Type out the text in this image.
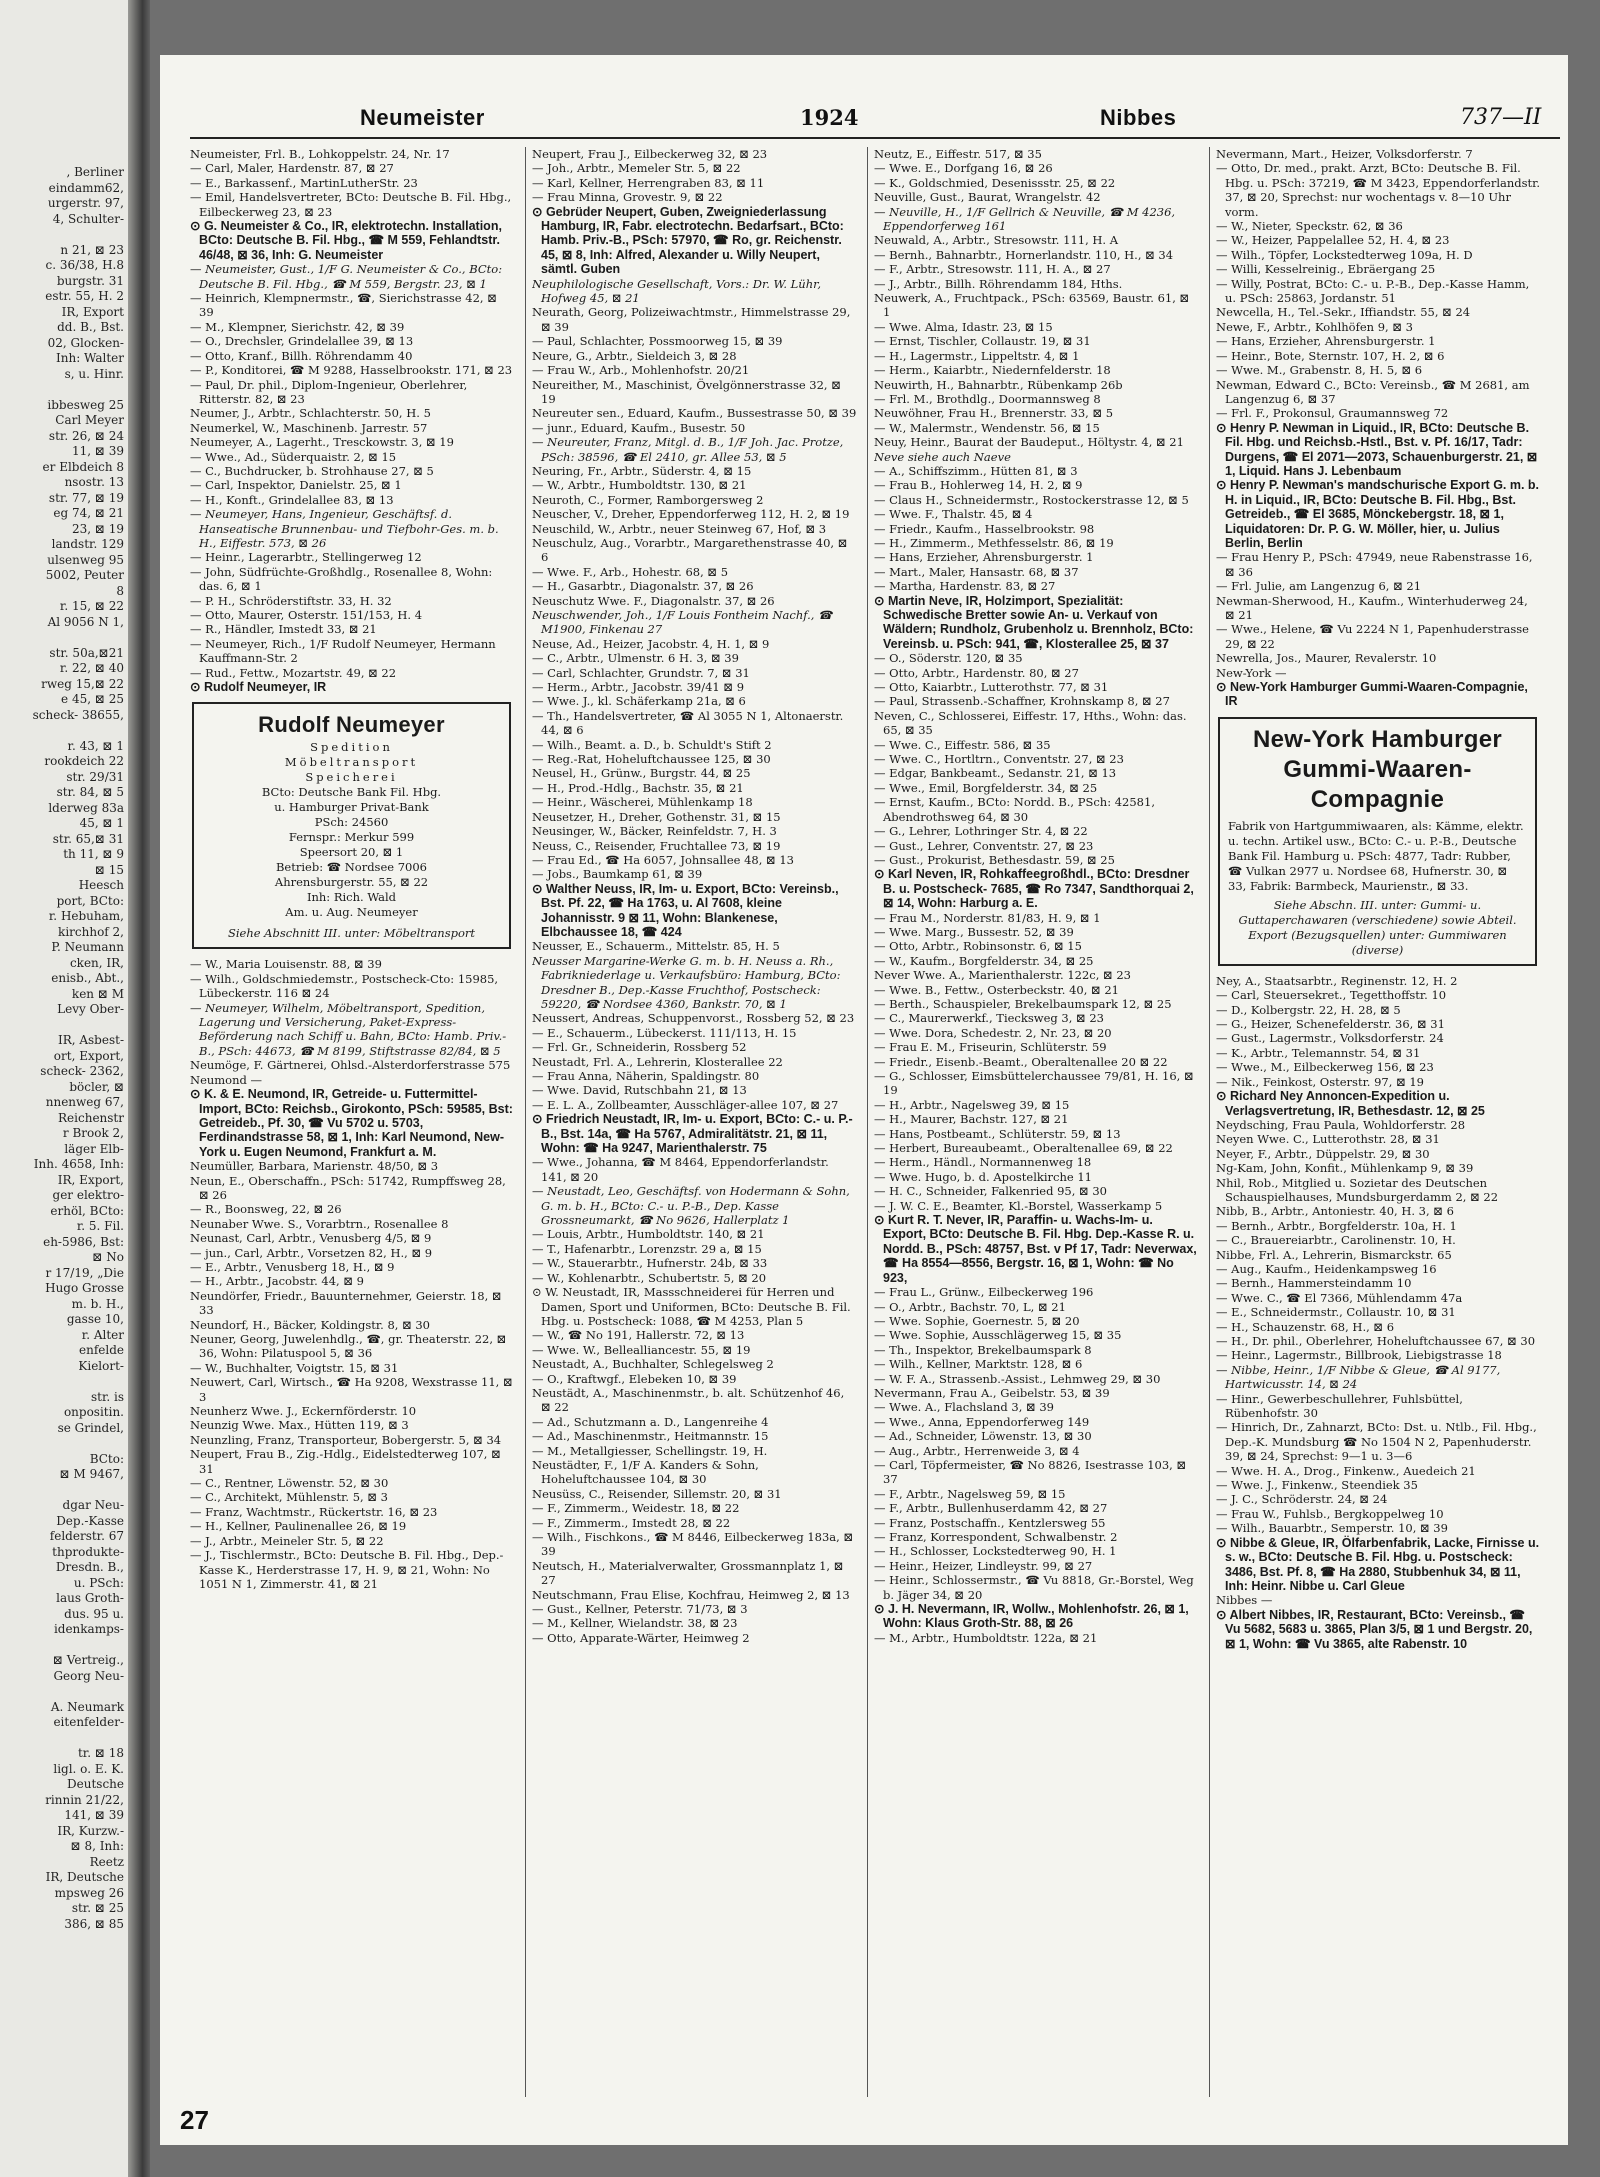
, Berliner
eindamm62,
urgerstr. 97,
4, Schulter-
n 21, ⊠ 23
c. 36/38, H.8
burgstr. 31
estr. 55, H. 2
IR, Export
dd. B., Bst.
02, Glocken-
Inh: Walter
s, u. Hinr.
ibbesweg 25
Carl Meyer
str. 26, ⊠ 24
11, ⊠ 39
er Elbdeich 8
nsostr. 13
str. 77, ⊠ 19
eg 74, ⊠ 21
23, ⊠ 19
landstr. 129
ulsenweg 95
5002, Peuter
8
r. 15, ⊠ 22
Al 9056 N 1,
str. 50a,⊠21
r. 22, ⊠ 40
rweg 15,⊠ 22
e 45, ⊠ 25
scheck- 38655,
r. 43, ⊠ 1
rookdeich 22
str. 29/31
str. 84, ⊠ 5
lderweg 83a
45, ⊠ 1
str. 65,⊠ 31
th 11, ⊠ 9
⊠ 15
Heesch
port, BCto:
r. Hebuham,
kirchhof 2,
P. Neumann
cken, IR,
enisb., Abt.,
ken ⊠ M
Levy Ober-
IR, Asbest-
ort, Export,
scheck- 2362,
böcler, ⊠
nnenweg 67,
Reichenstr
r Brook 2,
läger Elb-
Inh. 4658, Inh:
IR, Export,
ger elektro-
erhöl, BCto:
r. 5. Fil.
eh-5986, Bst:
⊠ No
r 17/19, „Die
Hugo Grosse
m. b. H.,
gasse 10,
r. Alter
enfelde
Kielort-
str. is
onpositin.
se Grindel,
BCto:
⊠ M 9467,
dgar Neu-
Dep.-Kasse
felderstr. 67
thprodukte-
Dresdn. B.,
u. PSch:
laus Groth-
dus. 95 u.
idenkamps-
⊠ Vertreig.,
Georg Neu-
A. Neumark
eitenfelder-
tr. ⊠ 18
ligl. o. E. K.
Deutsche
rinnin 21/22,
141, ⊠ 39
IR, Kurzw.-
⊠ 8, Inh:
Reetz
IR, Deutsche
mpsweg 26
str. ⊠ 25
386, ⊠ 85
Neumeister	1924	Nibbes	737—II
Neumeister, Frl. B., Lohkoppelstr. 24, Nr. 17
— Carl, Maler, Hardenstr. 87, ⊠ 27
— E., Barkassenf., MartinLutherStr. 23
— Emil, Handelsvertreter, BCto: Deutsche B. Fil. Hbg., Eilbeckerweg 23, ⊠ 23
⊙ G. Neumeister & Co., IR, elektrotechn. Installation, BCto: Deutsche B. Fil. Hbg., ☎ M 559, Fehlandtstr. 46/48, ⊠ 36, Inh: G. Neumeister
— Neumeister, Gust., 1/F G. Neumeister & Co., BCto: Deutsche B. Fil. Hbg., ☎ M 559, Bergstr. 23, ⊠ 1
— Heinrich, Klempnermstr., ☎, Sierichstrasse 42, ⊠ 39
— M., Klempner, Sierichstr. 42, ⊠ 39
— O., Drechsler, Grindelallee 39, ⊠ 13
— Otto, Kranf., Billh. Röhrendamm 40
— P., Konditorei, ☎ M 9288, Hasselbrookstr. 171, ⊠ 23
— Paul, Dr. phil., Diplom-Ingenieur, Oberlehrer, Ritterstr. 82, ⊠ 23
Neumer, J., Arbtr., Schlachterstr. 50, H. 5
Neumerkel, W., Maschinenb. Jarrestr. 57
Neumeyer, A., Lagerht., Tresckowstr. 3, ⊠ 19
— Wwe., Ad., Süderquaistr. 2, ⊠ 15
— C., Buchdrucker, b. Strohhause 27, ⊠ 5
— Carl, Inspektor, Danielstr. 25, ⊠ 1
— H., Konft., Grindelallee 83, ⊠ 13
— Neumeyer, Hans, Ingenieur, Geschäftsf. d. Hanseatische Brunnenbau- und Tiefbohr-Ges. m. b. H., Eiffestr. 573, ⊠ 26
— Heinr., Lagerarbtr., Stellingerweg 12
— John, Südfrüchte-Großhdlg., Rosenallee 8, Wohn: das. 6, ⊠ 1
— P. H., Schröderstiftstr. 33, H. 32
— Otto, Maurer, Osterstr. 151/153, H. 4
— R., Händler, Imstedt 33, ⊠ 21
— Neumeyer, Rich., 1/F Rudolf Neumeyer, Hermann Kauffmann-Str. 2
— Rud., Fettw., Mozartstr. 49, ⊠ 22
⊙ Rudolf Neumeyer, IR
Rudolf Neumeyer
Spedition
Möbeltransport
Speicherei
BCto: Deutsche Bank Fil. Hbg.
u. Hamburger Privat-Bank
PSch: 24560
Fernspr.: Merkur 599
Speersort 20, ⊠ 1
Betrieb: ☎ Nordsee 7006
Ahrensburgerstr. 55, ⊠ 22
Inh: Rich. Wald
Am. u. Aug. Neumeyer
Siehe Abschnitt III. unter: Möbeltransport
— W., Maria Louisenstr. 88, ⊠ 39
— Wilh., Goldschmiedemstr., Postscheck-Cto: 15985, Lübeckerstr. 116 ⊠ 24
— Neumeyer, Wilhelm, Möbeltransport, Spedition, Lagerung und Versicherung, Paket-Express-Beförderung nach Schiff u. Bahn, BCto: Hamb. Priv.-B., PSch: 44673, ☎ M 8199, Stiftstrasse 82/84, ⊠ 5
Neumöge, F. Gärtnerei, Ohlsd.-Alsterdorferstrasse 575
Neumond —
⊙ K. & E. Neumond, IR, Getreide- u. Futtermittel-Import, BCto: Reichsb., Girokonto, PSch: 59585, Bst: Getreideb., Pf. 30, ☎ Vu 5702 u. 5703, Ferdinandstrasse 58, ⊠ 1, Inh: Karl Neumond, New-York u. Eugen Neumond, Frankfurt a. M.
Neumüller, Barbara, Marienstr. 48/50, ⊠ 3
Neun, E., Oberschaffn., PSch: 51742, Rumpffsweg 28, ⊠ 26
— R., Boonsweg, 22, ⊠ 26
Neunaber Wwe. S., Vorarbtrn., Rosenallee 8
Neunast, Carl, Arbtr., Venusberg 4/5, ⊠ 9
— jun., Carl, Arbtr., Vorsetzen 82, H., ⊠ 9
— E., Arbtr., Venusberg 18, H., ⊠ 9
— H., Arbtr., Jacobstr. 44, ⊠ 9
Neundörfer, Friedr., Bauunternehmer, Geierstr. 18, ⊠ 33
Neundorf, H., Bäcker, Koldingstr. 8, ⊠ 30
Neuner, Georg, Juwelenhdlg., ☎, gr. Theaterstr. 22, ⊠ 36, Wohn: Pilatuspool 5, ⊠ 36
— W., Buchhalter, Voigtstr. 15, ⊠ 31
Neuwert, Carl, Wirtsch., ☎ Ha 9208, Wexstrasse 11, ⊠ 3
Neunherz Wwe. J., Eckernförderstr. 10
Neunzig Wwe. Max., Hütten 119, ⊠ 3
Neunzling, Franz, Transporteur, Bobergerstr. 5, ⊠ 34
Neupert, Frau B., Zig.-Hdlg., Eidelstedterweg 107, ⊠ 31
— C., Rentner, Löwenstr. 52, ⊠ 30
— C., Architekt, Mühlenstr. 5, ⊠ 3
— Franz, Wachtmstr., Rückertstr. 16, ⊠ 23
— H., Kellner, Paulinenallee 26, ⊠ 19
— J., Arbtr., Meineler Str. 5, ⊠ 22
— J., Tischlermstr., BCto: Deutsche B. Fil. Hbg., Dep.-Kasse K., Herderstrasse 17, H. 9, ⊠ 21, Wohn: No 1051 N 1, Zimmerstr. 41, ⊠ 21
Neupert, Frau J., Eilbeckerweg 32, ⊠ 23
— Joh., Arbtr., Memeler Str. 5, ⊠ 22
— Karl, Kellner, Herrengraben 83, ⊠ 11
— Frau Minna, Grovestr. 9, ⊠ 22
⊙ Gebrüder Neupert, Guben, Zweigniederlassung Hamburg, IR, Fabr. electrotechn. Bedarfsart., BCto: Hamb. Priv.-B., PSch: 57970, ☎ Ro, gr. Reichenstr. 45, ⊠ 8, Inh: Alfred, Alexander u. Willy Neupert, sämtl. Guben
Neuphilologische Gesellschaft, Vors.: Dr. W. Lühr, Hofweg 45, ⊠ 21
Neurath, Georg, Polizeiwachtmstr., Himmelstrasse 29, ⊠ 39
— Paul, Schlachter, Possmoorweg 15, ⊠ 39
Neure, G., Arbtr., Sieldeich 3, ⊠ 28
— Frau W., Arb., Mohlenhofstr. 20/21
Neureither, M., Maschinist, Övelgönnerstrasse 32, ⊠ 19
Neureuter sen., Eduard, Kaufm., Bussestrasse 50, ⊠ 39
— junr., Eduard, Kaufm., Busestr. 50
— Neureuter, Franz, Mitgl. d. B., 1/F Joh. Jac. Protze, PSch: 38596, ☎ El 2410, gr. Allee 53, ⊠ 5
Neuring, Fr., Arbtr., Süderstr. 4, ⊠ 15
— W., Arbtr., Humboldtstr. 130, ⊠ 21
Neuroth, C., Former, Ramborgersweg 2
Neuscher, V., Dreher, Eppendorferweg 112, H. 2, ⊠ 19
Neuschild, W., Arbtr., neuer Steinweg 67, Hof, ⊠ 3
Neuschulz, Aug., Vorarbtr., Margarethenstrasse 40, ⊠ 6
— Wwe. F., Arb., Hohestr. 68, ⊠ 5
— H., Gasarbtr., Diagonalstr. 37, ⊠ 26
Neuschutz Wwe. F., Diagonalstr. 37, ⊠ 26
Neuschwender, Joh., 1/F Louis Fontheim Nachf., ☎ M1900, Finkenau 27
Neuse, Ad., Heizer, Jacobstr. 4, H. 1, ⊠ 9
— C., Arbtr., Ulmenstr. 6 H. 3, ⊠ 39
— Carl, Schlachter, Grundstr. 7, ⊠ 31
— Herm., Arbtr., Jacobstr. 39/41 ⊠ 9
— Wwe. J., kl. Schäferkamp 21a, ⊠ 6
— Th., Handelsvertreter, ☎ Al 3055 N 1, Altonaerstr. 44, ⊠ 6
— Wilh., Beamt. a. D., b. Schuldt's Stift 2
— Reg.-Rat, Hoheluftchaussee 125, ⊠ 30
Neusel, H., Grünw., Burgstr. 44, ⊠ 25
— H., Prod.-Hdlg., Bachstr. 35, ⊠ 21
— Heinr., Wäscherei, Mühlenkamp 18
Neusetzer, H., Dreher, Gothenstr. 31, ⊠ 15
Neusinger, W., Bäcker, Reinfeldstr. 7, H. 3
Neuss, C., Reisender, Fruchtallee 73, ⊠ 19
— Frau Ed., ☎ Ha 6057, Johnsallee 48, ⊠ 13
— Jobs., Baumkamp 61, ⊠ 39
⊙ Walther Neuss, IR, Im- u. Export, BCto: Vereinsb., Bst. Pf. 22, ☎ Ha 1763, u. Al 7608, kleine Johannisstr. 9 ⊠ 11, Wohn: Blankenese, Elbchaussee 18, ☎ 424
Neusser, E., Schauerm., Mittelstr. 85, H. 5
Neusser Margarine-Werke G. m. b. H. Neuss a. Rh., Fabrikniederlage u. Verkaufsbüro: Hamburg, BCto: Dresdner B., Dep.-Kasse Fruchthof, Postscheck: 59220, ☎ Nordsee 4360, Bankstr. 70, ⊠ 1
Neussert, Andreas, Schuppenvorst., Rossberg 52, ⊠ 23
— E., Schauerm., Lübeckerst. 111/113, H. 15
— Frl. Gr., Schneiderin, Rossberg 52
Neustadt, Frl. A., Lehrerin, Klosterallee 22
— Frau Anna, Näherin, Spaldingstr. 80
— Wwe. David, Rutschbahn 21, ⊠ 13
— E. L. A., Zollbeamter, Ausschläger-allee 107, ⊠ 27
⊙ Friedrich Neustadt, IR, Im- u. Export, BCto: C.- u. P.-B., Bst. 14a, ☎ Ha 5767, Admiralitätstr. 21, ⊠ 11, Wohn: ☎ Ha 9247, Marienthalerstr. 75
— Wwe., Johanna, ☎ M 8464, Eppendorferlandstr. 141, ⊠ 20
— Neustadt, Leo, Geschäftsf. von Hodermann & Sohn, G. m. b. H., BCto: C.- u. P.-B., Dep. Kasse Grossneumarkt, ☎ No 9626, Hallerplatz 1
— Louis, Arbtr., Humboldtstr. 140, ⊠ 21
— T., Hafenarbtr., Lorenzstr. 29 a, ⊠ 15
— W., Stauerarbtr., Hufnerstr. 24b, ⊠ 33
— W., Kohlenarbtr., Schubertstr. 5, ⊠ 20
⊙ W. Neustadt, IR, Massschneiderei für Herren und Damen, Sport und Uniformen, BCto: Deutsche B. Fil. Hbg. u. Postscheck: 1088, ☎ M 4253, Plan 5
— W., ☎ No 191, Hallerstr. 72, ⊠ 13
— Wwe. W., Bellealliancestr. 55, ⊠ 19
Neustadt, A., Buchhalter, Schlegelsweg 2
— O., Kraftwgf., Elebeken 10, ⊠ 39
Neustädt, A., Maschinenmstr., b. alt. Schützenhof 46, ⊠ 22
— Ad., Schutzmann a. D., Langenreihe 4
— Ad., Maschinenmstr., Heitmannstr. 15
— M., Metallgiesser, Schellingstr. 19, H.
Neustädter, F., 1/F A. Kanders & Sohn, Hoheluftchaussee 104, ⊠ 30
Neusüss, C., Reisender, Sillemstr. 20, ⊠ 31
— F., Zimmerm., Weidestr. 18, ⊠ 22
— F., Zimmerm., Imstedt 28, ⊠ 22
— Wilh., Fischkons., ☎ M 8446, Eilbeckerweg 183a, ⊠ 39
Neutsch, H., Materialverwalter, Grossmannplatz 1, ⊠ 27
Neutschmann, Frau Elise, Kochfrau, Heimweg 2, ⊠ 13
— Gust., Kellner, Peterstr. 71/73, ⊠ 3
— M., Kellner, Wielandstr. 38, ⊠ 23
— Otto, Apparate-Wärter, Heimweg 2
Neutz, E., Eiffestr. 517, ⊠ 35
— Wwe. E., Dorfgang 16, ⊠ 26
— K., Goldschmied, Desenissstr. 25, ⊠ 22
Neuville, Gust., Baurat, Wrangelstr. 42
— Neuville, H., 1/F Gellrich & Neuville, ☎ M 4236, Eppendorferweg 161
Neuwald, A., Arbtr., Stresowstr. 111, H. A
— Bernh., Bahnarbtr., Hornerlandstr. 110, H., ⊠ 34
— F., Arbtr., Stresowstr. 111, H. A., ⊠ 27
— J., Arbtr., Billh. Röhrendamm 184, Hths.
Neuwerk, A., Fruchtpack., PSch: 63569, Baustr. 61, ⊠ 1
— Wwe. Alma, Idastr. 23, ⊠ 15
— Ernst, Tischler, Collaustr. 19, ⊠ 31
— H., Lagermstr., Lippeltstr. 4, ⊠ 1
— Herm., Kaiarbtr., Niedernfelderstr. 18
Neuwirth, H., Bahnarbtr., Rübenkamp 26b
— Frl. M., Brothdlg., Doormannsweg 8
Neuwöhner, Frau H., Brennerstr. 33, ⊠ 5
— W., Malermstr., Wendenstr. 56, ⊠ 15
Neuy, Heinr., Baurat der Baudeput., Höltystr. 4, ⊠ 21
Neve siehe auch Naeve
— A., Schiffszimm., Hütten 81, ⊠ 3
— Frau B., Hohlerweg 14, H. 2, ⊠ 9
— Claus H., Schneidermstr., Rostockerstrasse 12, ⊠ 5
— Wwe. F., Thalstr. 45, ⊠ 4
— Friedr., Kaufm., Hasselbrookstr. 98
— H., Zimmerm., Methfesselstr. 86, ⊠ 19
— Hans, Erzieher, Ahrensburgerstr. 1
— Mart., Maler, Hansastr. 68, ⊠ 37
— Martha, Hardenstr. 83, ⊠ 27
⊙ Martin Neve, IR, Holzimport, Spezialität: Schwedische Bretter sowie An- u. Verkauf von Wäldern; Rundholz, Grubenholz u. Brennholz, BCto: Vereinsb. u. PSch: 941, ☎, Klosterallee 25, ⊠ 37
— O., Söderstr. 120, ⊠ 35
— Otto, Arbtr., Hardenstr. 80, ⊠ 27
— Otto, Kaiarbtr., Lutterothstr. 77, ⊠ 31
— Paul, Strassenb.-Schaffner, Krohnskamp 8, ⊠ 27
Neven, C., Schlosserei, Eiffestr. 17, Hths., Wohn: das. 65, ⊠ 35
— Wwe. C., Eiffestr. 586, ⊠ 35
— Wwe. C., Hortltrn., Conventstr. 27, ⊠ 23
— Edgar, Bankbeamt., Sedanstr. 21, ⊠ 13
— Wwe., Emil, Borgfelderstr. 34, ⊠ 25
— Ernst, Kaufm., BCto: Nordd. B., PSch: 42581, Abendrothsweg 64, ⊠ 30
— G., Lehrer, Lothringer Str. 4, ⊠ 22
— Gust., Lehrer, Conventstr. 27, ⊠ 23
— Gust., Prokurist, Bethesdastr. 59, ⊠ 25
⊙ Karl Neven, IR, Rohkaffeegroßhdl., BCto: Dresdner B. u. Postscheck- 7685, ☎ Ro 7347, Sandthorquai 2, ⊠ 14, Wohn: Harburg a. E.
— Frau M., Norderstr. 81/83, H. 9, ⊠ 1
— Wwe. Marg., Bussestr. 52, ⊠ 39
— Otto, Arbtr., Robinsonstr. 6, ⊠ 15
— W., Kaufm., Borgfelderstr. 34, ⊠ 25
Never Wwe. A., Marienthalerstr. 122c, ⊠ 23
— Wwe. B., Fettw., Osterbeckstr. 40, ⊠ 21
— Berth., Schauspieler, Brekelbaumspark 12, ⊠ 25
— C., Maurerwerkf., Tiecksweg 3, ⊠ 23
— Wwe. Dora, Schedestr. 2, Nr. 23, ⊠ 20
— Frau E. M., Friseurin, Schlüterstr. 59
— Friedr., Eisenb.-Beamt., Oberaltenallee 20 ⊠ 22
— G., Schlosser, Eimsbüttelerchaussee 79/81, H. 16, ⊠ 19
— H., Arbtr., Nagelsweg 39, ⊠ 15
— H., Maurer, Bachstr. 127, ⊠ 21
— Hans, Postbeamt., Schlüterstr. 59, ⊠ 13
— Herbert, Bureaubeamt., Oberaltenallee 69, ⊠ 22
— Herm., Händl., Normannenweg 18
— Wwe. Hugo, b. d. Apostelkirche 11
— H. C., Schneider, Falkenried 95, ⊠ 30
— J. W. C. E., Beamter, Kl.-Borstel, Wasserkamp 5
⊙ Kurt R. T. Never, IR, Paraffin- u. Wachs-Im- u. Export, BCto: Deutsche B. Fil. Hbg. Dep.-Kasse R. u. Nordd. B., PSch: 48757, Bst. v Pf 17, Tadr: Neverwax, ☎ Ha 8554—8556, Bergstr. 16, ⊠ 1, Wohn: ☎ No 923,
— Frau L., Grünw., Eilbeckerweg 196
— O., Arbtr., Bachstr. 70, L, ⊠ 21
— Wwe. Sophie, Goernestr. 5, ⊠ 20
— Wwe. Sophie, Ausschlägerweg 15, ⊠ 35
— Th., Inspektor, Brekelbaumspark 8
— Wilh., Kellner, Marktstr. 128, ⊠ 6
— W. F. A., Strassenb.-Assist., Lehmweg 29, ⊠ 30
Nevermann, Frau A., Geibelstr. 53, ⊠ 39
— Wwe. A., Flachsland 3, ⊠ 39
— Wwe., Anna, Eppendorferweg 149
— Ad., Schneider, Löwenstr. 13, ⊠ 30
— Aug., Arbtr., Herrenweide 3, ⊠ 4
— Carl, Töpfermeister, ☎ No 8826, Isestrasse 103, ⊠ 37
— F., Arbtr., Nagelsweg 59, ⊠ 15
— F., Arbtr., Bullenhuserdamm 42, ⊠ 27
— Franz, Postschaffn., Kentzlersweg 55
— Franz, Korrespondent, Schwalbenstr. 2
— H., Schlosser, Lockstedterweg 90, H. 1
— Heinr., Heizer, Lindleystr. 99, ⊠ 27
— Heinr., Schlossermstr., ☎ Vu 8818, Gr.-Borstel, Weg b. Jäger 34, ⊠ 20
⊙ J. H. Nevermann, IR, Wollw., Mohlenhofstr. 26, ⊠ 1, Wohn: Klaus Groth-Str. 88, ⊠ 26
— M., Arbtr., Humboldtstr. 122a, ⊠ 21
Nevermann, Mart., Heizer, Volksdorferstr. 7
— Otto, Dr. med., prakt. Arzt, BCto: Deutsche B. Fil. Hbg. u. PSch: 37219, ☎ M 3423, Eppendorferlandstr. 37, ⊠ 20, Sprechst: nur wochentags v. 8—10 Uhr vorm.
— W., Nieter, Speckstr. 62, ⊠ 36
— W., Heizer, Pappelallee 52, H. 4, ⊠ 23
— Wilh., Töpfer, Lockstedterweg 109a, H. D
— Willi, Kesselreinig., Ebräergang 25
— Willy, Postrat, BCto: C.- u. P.-B., Dep.-Kasse Hamm, u. PSch: 25863, Jordanstr. 51
Newcella, H., Tel.-Sekr., Iffiandstr. 55, ⊠ 24
Newe, F., Arbtr., Kohlhöfen 9, ⊠ 3
— Hans, Erzieher, Ahrensburgerstr. 1
— Heinr., Bote, Sternstr. 107, H. 2, ⊠ 6
— Wwe. M., Grabenstr. 8, H. 5, ⊠ 6
Newman, Edward C., BCto: Vereinsb., ☎ M 2681, am Langenzug 6, ⊠ 37
— Frl. F., Prokonsul, Graumannsweg 72
⊙ Henry P. Newman in Liquid., IR, BCto: Deutsche B. Fil. Hbg. und Reichsb.-Hstl., Bst. v. Pf. 16/17, Tadr: Durgens, ☎ El 2071—2073, Schauenburgerstr. 21, ⊠ 1, Liquid. Hans J. Lebenbaum
⊙ Henry P. Newman's mandschurische Export G. m. b. H. in Liquid., IR, BCto: Deutsche B. Fil. Hbg., Bst. Getreideb., ☎ El 3685, Mönckebergstr. 18, ⊠ 1, Liquidatoren: Dr. P. G. W. Möller, hier, u. Julius Berlin, Berlin
— Frau Henry P., PSch: 47949, neue Rabenstrasse 16, ⊠ 36
— Frl. Julie, am Langenzug 6, ⊠ 21
Newman-Sherwood, H., Kaufm., Winterhuderweg 24, ⊠ 21
— Wwe., Helene, ☎ Vu 2224 N 1, Papenhuderstrasse 29, ⊠ 22
Newrella, Jos., Maurer, Revalerstr. 10
New-York —
⊙ New-York Hamburger Gummi-Waaren-Compagnie, IR
New-York Hamburger Gummi-Waaren-Compagnie
Fabrik von Hartgummiwaaren, als: Kämme, elektr. u. techn. Artikel usw., BCto: C.- u. P.-B., Deutsche Bank Fil. Hamburg u. PSch: 4877, Tadr: Rubber, ☎ Vulkan 2977 u. Nordsee 68, Hufnerstr. 30, ⊠ 33, Fabrik: Barmbeck, Maurienstr., ⊠ 33.
Siehe Abschn. III. unter: Gummi- u. Guttaperchawaren (verschiedene) sowie Abteil. Export (Bezugsquellen) unter: Gummiwaren (diverse)
Ney, A., Staatsarbtr., Reginenstr. 12, H. 2
— Carl, Steuersekret., Tegetthoffstr. 10
— D., Kolbergstr. 22, H. 28, ⊠ 5
— G., Heizer, Schenefelderstr. 36, ⊠ 31
— Gust., Lagermstr., Volksdorferstr. 24
— K., Arbtr., Telemannstr. 54, ⊠ 31
— Wwe., M., Eilbeckerweg 156, ⊠ 23
— Nik., Feinkost, Osterstr. 97, ⊠ 19
⊙ Richard Ney Annoncen-Expedition u. Verlagsvertretung, IR, Bethesdastr. 12, ⊠ 25
Neydsching, Frau Paula, Wohldorferstr. 28
Neyen Wwe. C., Lutterothstr. 28, ⊠ 31
Neyer, F., Arbtr., Düppelstr. 29, ⊠ 30
Ng-Kam, John, Konfit., Mühlenkamp 9, ⊠ 39
Nhil, Rob., Mitglied u. Sozietar des Deutschen Schauspielhauses, Mundsburgerdamm 2, ⊠ 22
Nibb, B., Arbtr., Antoniestr. 40, H. 3, ⊠ 6
— Bernh., Arbtr., Borgfelderstr. 10a, H. 1
— C., Brauereiarbtr., Carolinenstr. 10, H.
Nibbe, Frl. A., Lehrerin, Bismarckstr. 65
— Aug., Kaufm., Heidenkampsweg 16
— Bernh., Hammersteindamm 10
— Wwe. C., ☎ El 7366, Mühlendamm 47a
— E., Schneidermstr., Collaustr. 10, ⊠ 31
— H., Schauzenstr. 68, H., ⊠ 6
— H., Dr. phil., Oberlehrer, Hoheluftchaussee 67, ⊠ 30
— Heinr., Lagermstr., Billbrook, Liebigstrasse 18
— Nibbe, Heinr., 1/F Nibbe & Gleue, ☎ Al 9177, Hartwicusstr. 14, ⊠ 24
— Hinr., Gewerbeschullehrer, Fuhlsbüttel, Rübenhofstr. 30
— Hinrich, Dr., Zahnarzt, BCto: Dst. u. Ntlb., Fil. Hbg., Dep.-K. Mundsburg ☎ No 1504 N 2, Papenhuderstr. 39, ⊠ 24, Sprechst: 9—1 u. 3—6
— Wwe. H. A., Drog., Finkenw., Auedeich 21
— Wwe. J., Finkenw., Steendiek 35
— J. C., Schröderstr. 24, ⊠ 24
— Frau W., Fuhlsb., Bergkoppelweg 10
— Wilh., Bauarbtr., Semperstr. 10, ⊠ 39
⊙ Nibbe & Gleue, IR, Ölfarbenfabrik, Lacke, Firnisse u. s. w., BCto: Deutsche B. Fil. Hbg. u. Postscheck: 3486, Bst. Pf. 8, ☎ Ha 2880, Stubbenhuk 34, ⊠ 11, Inh: Heinr. Nibbe u. Carl Gleue
Nibbes —
⊙ Albert Nibbes, IR, Restaurant, BCto: Vereinsb., ☎ Vu 5682, 5683 u. 3865, Plan 3/5, ⊠ 1 und Bergstr. 20, ⊠ 1, Wohn: ☎ Vu 3865, alte Rabenstr. 10
27
